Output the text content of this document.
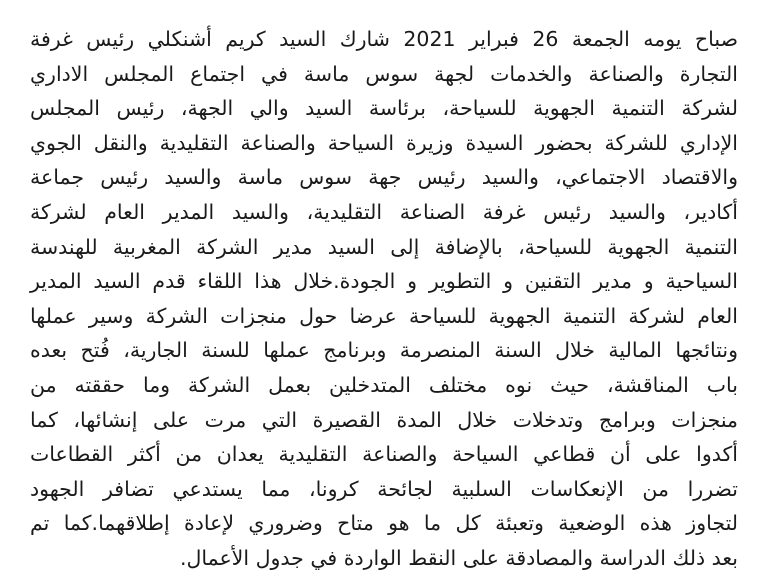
صباح يومه الجمعة 26 فبراير 2021 شارك السيد كريم أشنكلي رئيس غرفة
التجارة والصناعة والخدمات لجهة سوس ماسة في اجتماع المجلس الاداري
لشركة التنمية الجهوية للسياحة، برئاسة السيد والي الجهة، رئيس المجلس
الإداري للشركة بحضور السيدة وزيرة السياحة والصناعة التقليدية والنقل الجوي
والاقتصاد الاجتماعي، والسيد رئيس جهة سوس ماسة والسيد رئيس جماعة
أكادير، والسيد رئيس غرفة الصناعة التقليدية، والسيد المدير العام لشركة
التنمية الجهوية للسياحة، بالإضافة إلى السيد مدير الشركة المغربية للهندسة
السياحية و مدير التقنين و التطوير و الجودة.خلال هذا اللقاء قدم السيد المدير
العام لشركة التنمية الجهوية للسياحة عرضا حول منجزات الشركة وسير عملها
ونتائجها المالية خلال السنة المنصرمة وبرنامج عملها للسنة الجارية، فُتح بعده
باب المناقشة، حيث نوه مختلف المتدخلين بعمل الشركة وما حققته من
منجزات وبرامج وتدخلات خلال المدة القصيرة التي مرت على إنشائها، كما
أكدوا على أن قطاعي السياحة والصناعة التقليدية يعدان من أكثر القطاعات
تضررا من الإنعكاسات السلبية لجائحة كرونا، مما يستدعي تضافر الجهود
لتجاوز هذه الوضعية وتعبئة كل ما هو متاح وضروري لإعادة إطلاقهما.كما تم
بعد ذلك الدراسة والمصادقة على النقط الواردة في جدول الأعمال.
